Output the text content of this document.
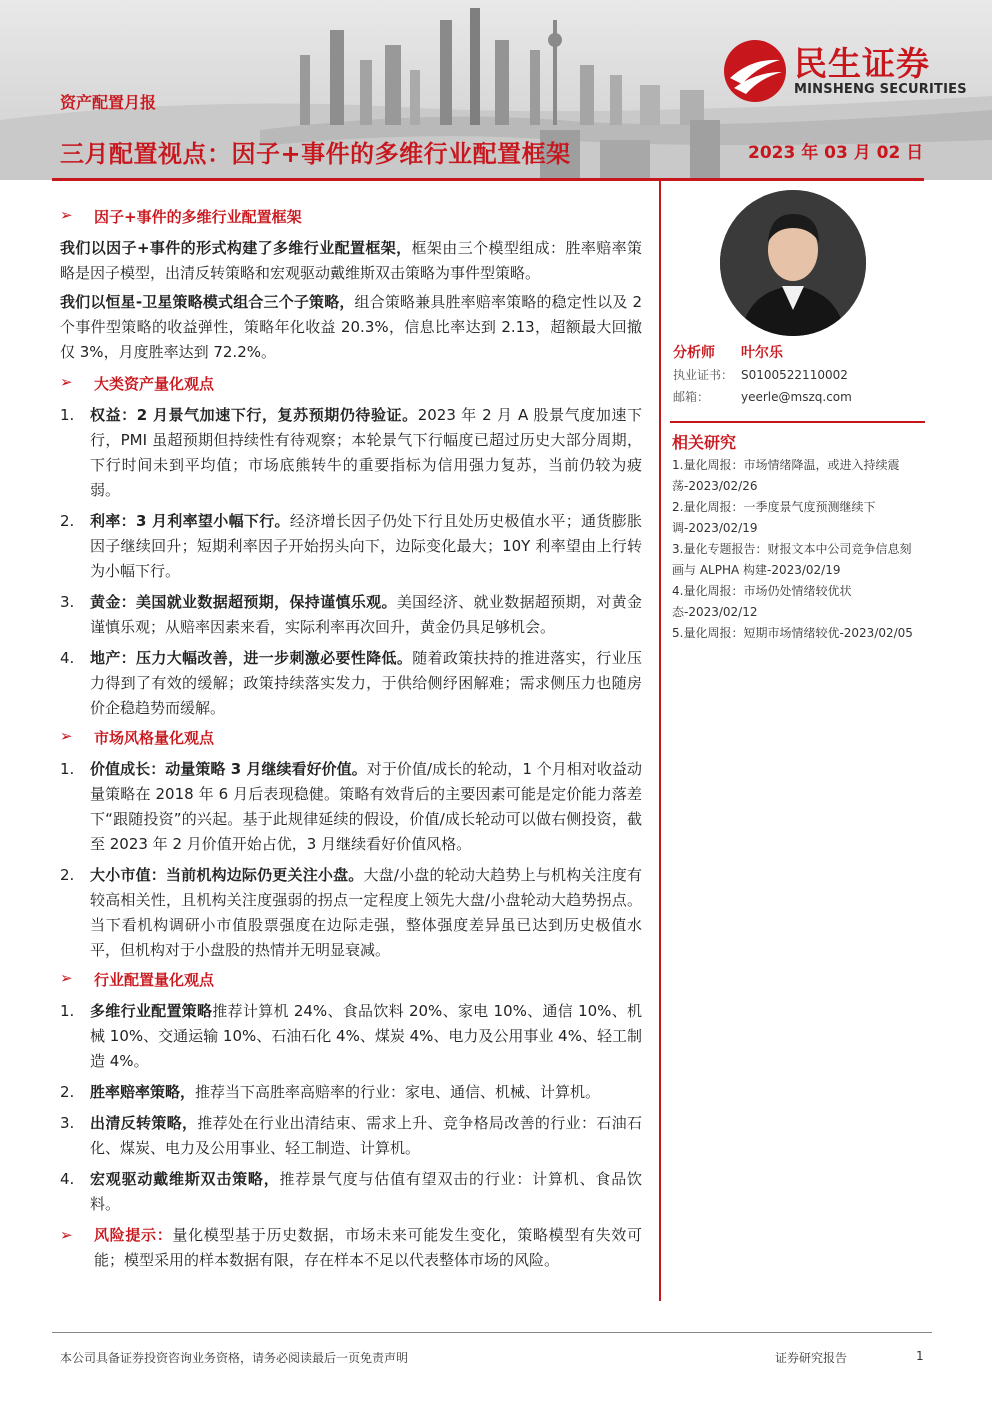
资产配置月报
三月配置视点：因子+事件的多维行业配置框架	2023 年 03 月 02 日
民生证券
MINSHENG SECURITIES
➢ 因子+事件的多维行业配置框架

我们以因子+事件的形式构建了多维行业配置框架，框架由三个模型组成：胜率赔率策略是因子模型，出清反转策略和宏观驱动戴维斯双击策略为事件型策略。

我们以恒星-卫星策略模式组合三个子策略，组合策略兼具胜率赔率策略的稳定性以及 2 个事件型策略的收益弹性，策略年化收益 20.3%，信息比率达到 2.13，超额最大回撤仅 3%，月度胜率达到 72.2%。

➢ 大类资产量化观点
1. 权益：2 月景气加速下行，复苏预期仍待验证。2023 年 2 月 A 股景气度加速下行，PMI 虽超预期但持续性有待观察；本轮景气下行幅度已超过历史大部分周期，下行时间未到平均值；市场底熊转牛的重要指标为信用强力复苏，当前仍较为疲弱。
2. 利率：3 月利率望小幅下行。经济增长因子仍处下行且处历史极值水平；通货膨胀因子继续回升；短期利率因子开始拐头向下，边际变化最大；10Y 利率望由上行转为小幅下行。
3. 黄金：美国就业数据超预期，保持谨慎乐观。美国经济、就业数据超预期，对黄金谨慎乐观；从赔率因素来看，实际利率再次回升，黄金仍具足够机会。
4. 地产：压力大幅改善，进一步刺激必要性降低。随着政策扶持的推进落实，行业压力得到了有效的缓解；政策持续落实发力，于供给侧纾困解难；需求侧压力也随房价企稳趋势而缓解。
➢ 市场风格量化观点
1. 价值成长：动量策略 3 月继续看好价值。对于价值/成长的轮动，1 个月相对收益动量策略在 2018 年 6 月后表现稳健。策略有效背后的主要因素可能是定价能力落差下“跟随投资”的兴起。基于此规律延续的假设，价值/成长轮动可以做右侧投资，截至 2023 年 2 月价值开始占优，3 月继续看好价值风格。
2. 大小市值：当前机构边际仍更关注小盘。大盘/小盘的轮动大趋势上与机构关注度有较高相关性，且机构关注度强弱的拐点一定程度上领先大盘/小盘轮动大趋势拐点。当下看机构调研小市值股票强度在边际走强，整体强度差异虽已达到历史极值水平，但机构对于小盘股的热情并无明显衰减。
➢ 行业配置量化观点
1. 多维行业配置策略推荐计算机 24%、食品饮料 20%、家电 10%、通信 10%、机械 10%、交通运输 10%、石油石化 4%、煤炭 4%、电力及公用事业 4%、轻工制造 4%。
2. 胜率赔率策略，推荐当下高胜率高赔率的行业：家电、通信、机械、计算机。
3. 出清反转策略，推荐处在行业出清结束、需求上升、竞争格局改善的行业：石油石化、煤炭、电力及公用事业、轻工制造、计算机。
4. 宏观驱动戴维斯双击策略，推荐景气度与估值有望双击的行业：计算机、食品饮料。
➢ 风险提示：量化模型基于历史数据，市场未来可能发生变化，策略模型有失效可能；模型采用的样本数据有限，存在样本不足以代表整体市场的风险。
分析师 叶尔乐
执业证书： S0100522110002
邮箱：	yeerle@mszq.com
相关研究
1.量化周报：市场情绪降温，或进入持续震荡-2023/02/26
2.量化周报：一季度景气度预测继续下调-2023/02/19
3.量化专题报告：财报文本中公司竞争信息刻画与 ALPHA 构建-2023/02/19
4.量化周报：市场仍处情绪较优状态-2023/02/12
5.量化周报：短期市场情绪较优-2023/02/05
本公司具备证券投资咨询业务资格，请务必阅读最后一页免责声明	证券研究报告	1
